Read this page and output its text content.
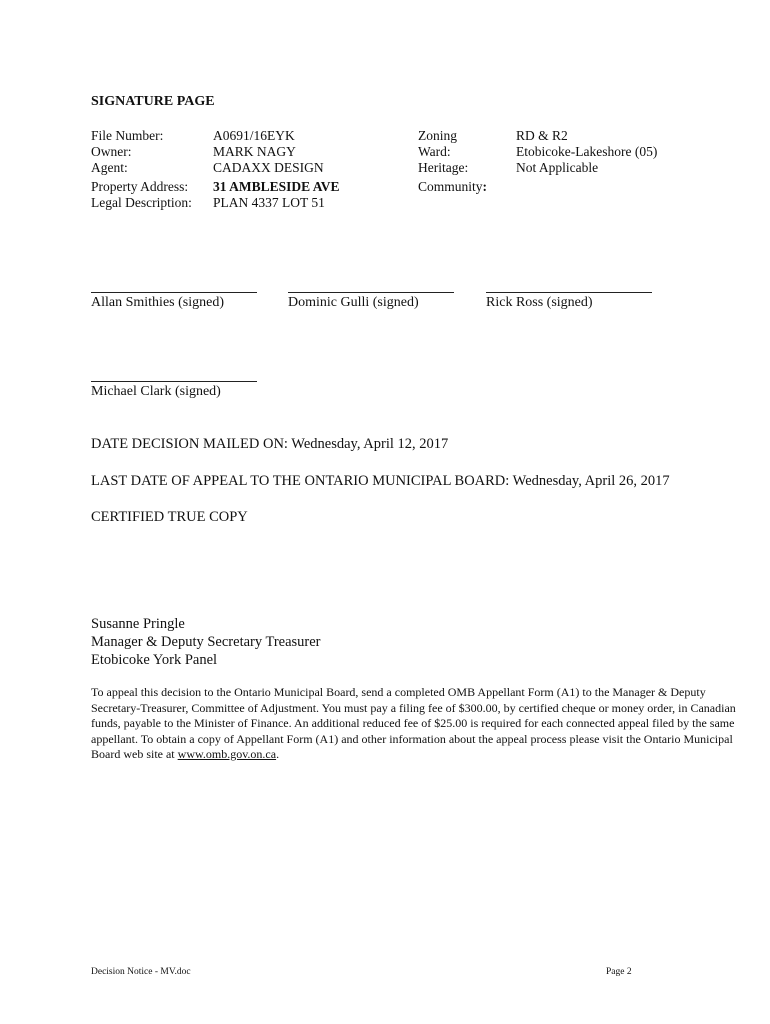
SIGNATURE PAGE
File Number:	A0691/16EYK
Owner:	MARK NAGY
Agent:	CADAXX DESIGN
Property Address: 31 AMBLESIDE AVE
Legal Description: PLAN 4337 LOT 51
Zoning	RD & R2
Ward:	Etobicoke-Lakeshore (05)
Heritage:	Not Applicable
Community:
Allan Smithies (signed)	Dominic Gulli (signed)	Rick Ross (signed)
Michael Clark (signed)
DATE DECISION MAILED ON: Wednesday, April 12, 2017
LAST DATE OF APPEAL TO THE ONTARIO MUNICIPAL BOARD: Wednesday, April 26, 2017
CERTIFIED TRUE COPY
Susanne Pringle
Manager & Deputy Secretary Treasurer
Etobicoke York Panel
To appeal this decision to the Ontario Municipal Board, send a completed OMB Appellant Form (A1) to the Manager & Deputy Secretary-Treasurer, Committee of Adjustment. You must pay a filing fee of $300.00, by certified cheque or money order, in Canadian funds, payable to the Minister of Finance. An additional reduced fee of $25.00 is required for each connected appeal filed by the same appellant. To obtain a copy of Appellant Form (A1) and other information about the appeal process please visit the Ontario Municipal Board web site at www.omb.gov.on.ca.
Decision Notice - MV.doc	Page 2
